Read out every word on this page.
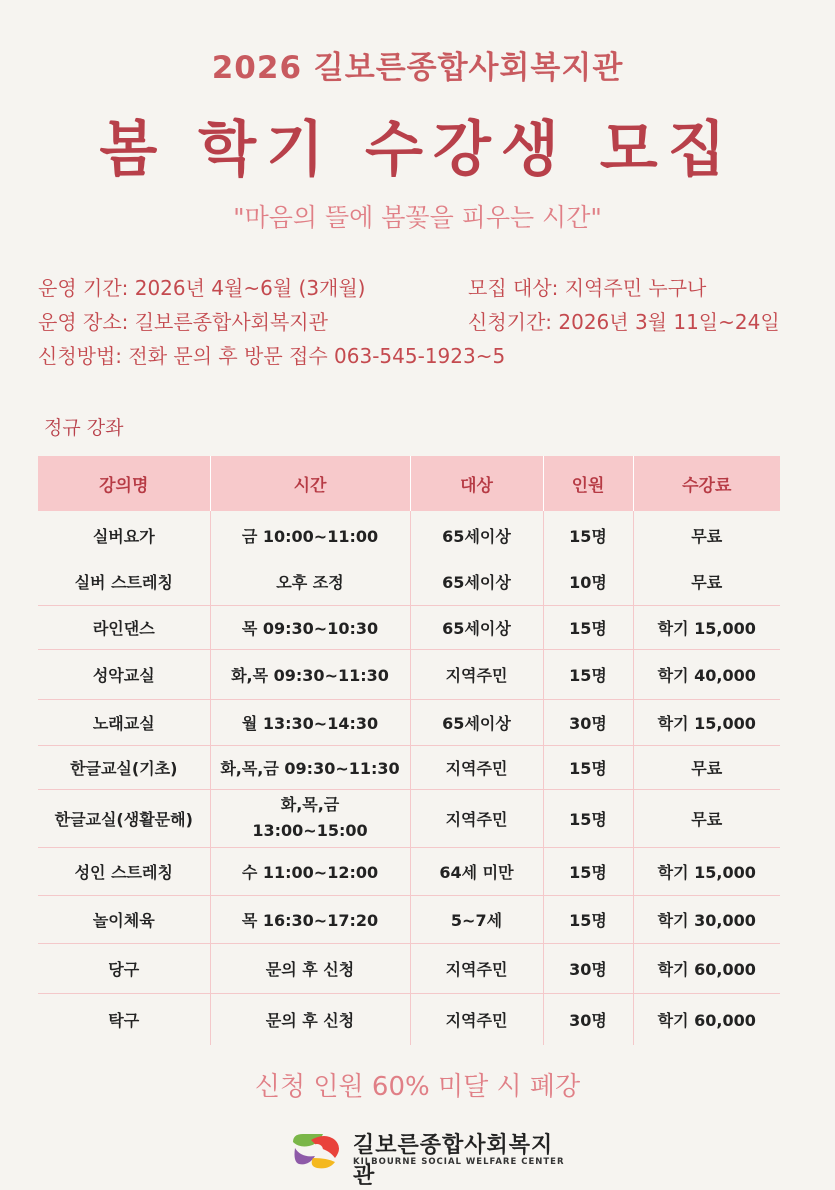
2026 길보른종합사회복지관
봄 학기 수강생 모집
"마음의 뜰에 봄꽃을 피우는 시간"
운영 기간: 2026년 4월~6월 (3개월)	모집 대상: 지역주민 누구나
운영 장소: 길보른종합사회복지관	신청기간: 2026년 3월 11일~24일
신청방법: 전화 문의 후 방문 접수 063-545-1923~5
정규 강좌
강의명	시간	대상	인원	수강료
실버요가	금 10:00~11:00	65세이상	15명	무료
실버 스트레칭	오후 조정	65세이상	10명	무료
라인댄스	목 09:30~10:30	65세이상	15명	학기 15,000
성악교실	화,목 09:30~11:30	지역주민	15명	학기 40,000
노래교실	월 13:30~14:30	65세이상	30명	학기 15,000
한글교실(기초)	화,목,금 09:30~11:30	지역주민	15명	무료
한글교실(생활문해)	화,목,금
13:00~15:00	지역주민	15명	무료
성인 스트레칭	수 11:00~12:00	64세 미만	15명	학기 15,000
놀이체육	목 16:30~17:20	5~7세	15명	학기 30,000
당구	문의 후 신청	지역주민	30명	학기 60,000
탁구	문의 후 신청	지역주민	30명	학기 60,000
신청 인원 60% 미달 시 폐강
길보른종합사회복지관
KILBOURNE SOCIAL WELFARE CENTER
